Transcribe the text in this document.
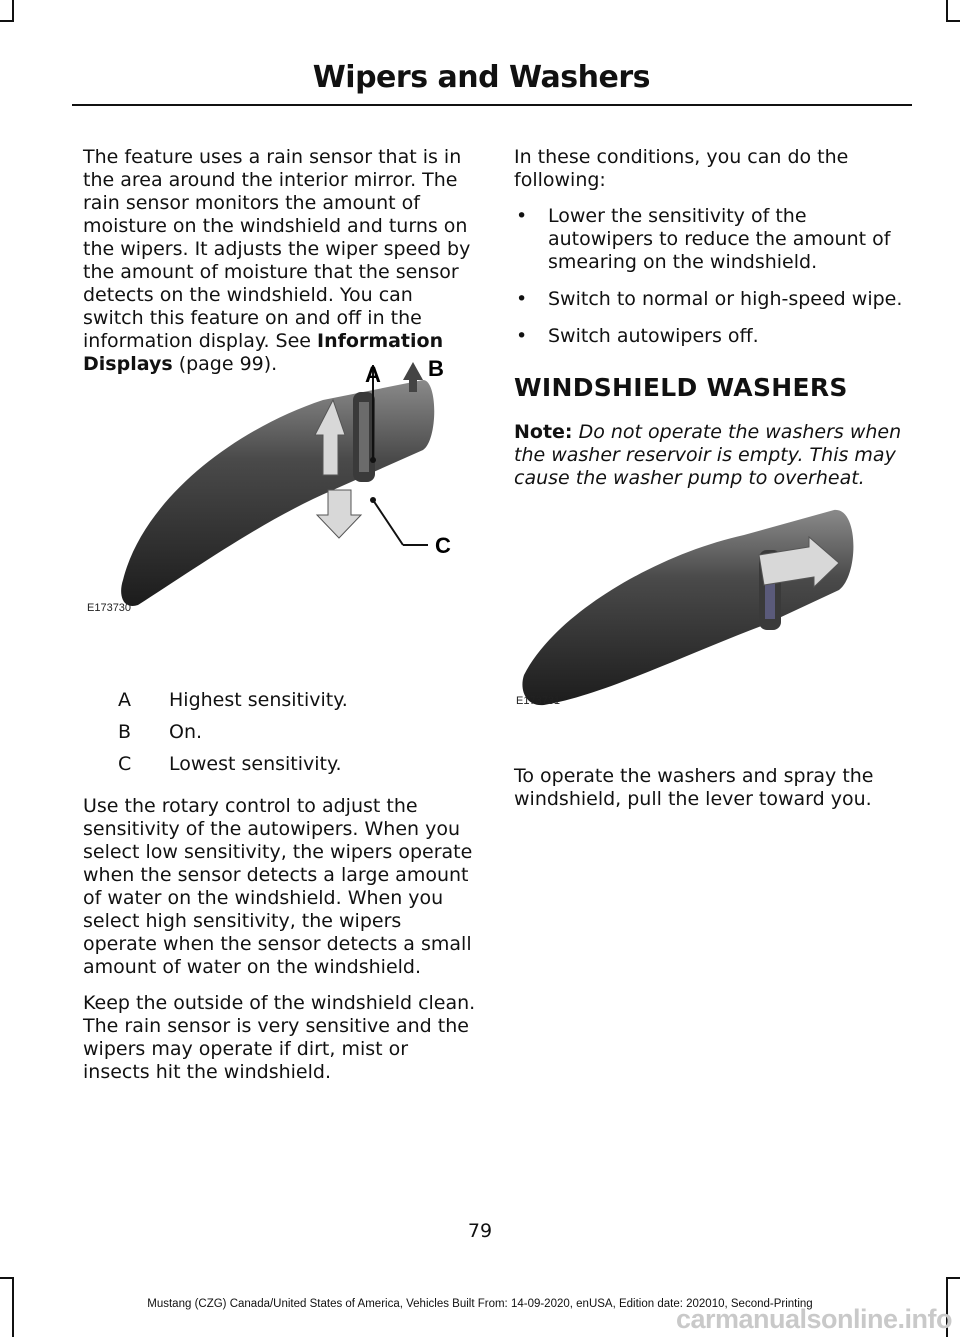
Wipers and Washers

The feature uses a rain sensor that is in the area around the interior mirror. The rain sensor monitors the amount of moisture on the windshield and turns on the wipers. It adjusts the wiper speed by the amount of moisture that the sensor detects on the windshield. You can switch this feature on and off in the information display. See Information Displays (page 99).

A	Highest sensitivity.
B	On.
C	Lowest sensitivity.

Use the rotary control to adjust the sensitivity of the autowipers. When you select low sensitivity, the wipers operate when the sensor detects a large amount of water on the windshield. When you select high sensitivity, the wipers operate when the sensor detects a small amount of water on the windshield.

Keep the outside of the windshield clean. The rain sensor is very sensitive and the wipers may operate if dirt, mist or insects hit the windshield.

A B
C
E173730

In these conditions, you can do the following:

• Lower the sensitivity of the autowipers to reduce the amount of smearing on the windshield.
• Switch to normal or high-speed wipe.
• Switch autowipers off.
WINDSHIELD WASHERS

Note: Do not operate the washers when the washer reservoir is empty. This may cause the washer pump to overheat.

To operate the washers and spray the windshield, pull the lever toward you.

E173731
79
Mustang (CZG) Canada/United States of America, Vehicles Built From: 14-09-2020, enUSA, Edition date: 202010, Second-Printing
carmanualsonline.info
